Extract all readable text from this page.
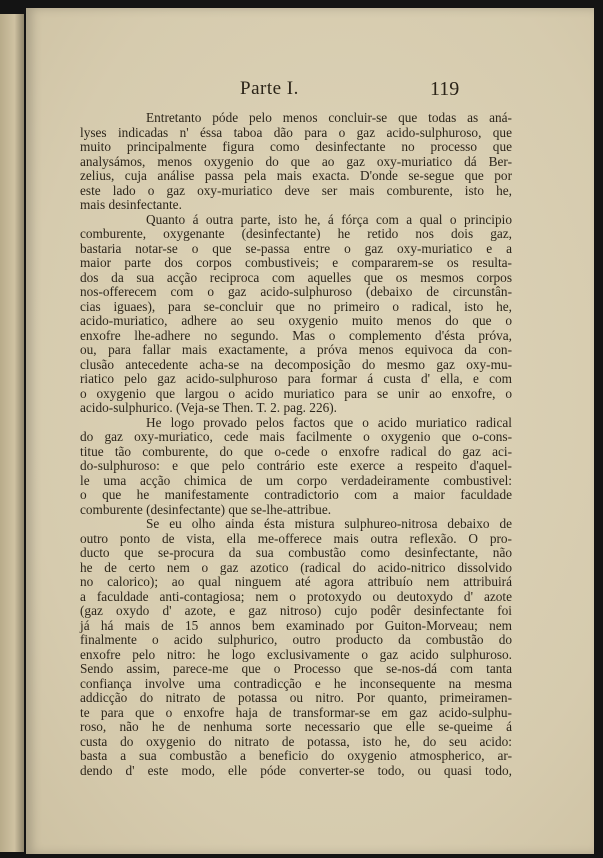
Parte I.	119
Entretanto póde pelo menos concluir-se que todas as aná-
lyses indicadas n' éssa taboa dão para o gaz acido-sulphuroso, que
muito principalmente figura como desinfectante no processo que
analysámos, menos oxygenio do que ao gaz oxy-muriatico dá Ber-
zelius, cuja análise passa pela mais exacta. D'onde se-segue que por
este lado o gaz oxy-muriatico deve ser mais comburente, isto he,
mais desinfectante.
Quanto á outra parte, isto he, á fórça com a qual o principio
comburente, oxygenante (desinfectante) he retido nos dois gaz,
bastaria notar-se o que se-passa entre o gaz oxy-muriatico e a
maior parte dos corpos combustiveis; e compararem-se os resulta-
dos da sua acção reciproca com aquelles que os mesmos corpos
nos-offerecem com o gaz acido-sulphuroso (debaixo de circunstân-
cias iguaes), para se-concluir que no primeiro o radical, isto he,
acido-muriatico, adhere ao seu oxygenio muito menos do que o
enxofre lhe-adhere no segundo. Mas o complemento d'ésta próva,
ou, para fallar mais exactamente, a próva menos equivoca da con-
clusão antecedente acha-se na decomposição do mesmo gaz oxy-mu-
riatico pelo gaz acido-sulphuroso para formar á custa d' ella, e com
o oxygenio que largou o acido muriatico para se unir ao enxofre, o
acido-sulphurico. (Veja-se Then. T. 2. pag. 226).
He logo provado pelos factos que o acido muriatico radical
do gaz oxy-muriatico, cede mais facilmente o oxygenio que o-cons-
titue tão comburente, do que o-cede o enxofre radical do gaz aci-
do-sulphuroso: e que pelo contrário este exerce a respeito d'aquel-
le uma acção chimica de um corpo verdadeiramente combustivel:
o que he manifestamente contradictorio com a maior faculdade
comburente (desinfectante) que se-lhe-attribue.
Se eu olho ainda ésta mistura sulphureo-nitrosa debaixo de
outro ponto de vista, ella me-offerece mais outra reflexão. O pro-
ducto que se-procura da sua combustão como desinfectante, não
he de certo nem o gaz azotico (radical do acido-nitrico dissolvido
no calorico); ao qual ninguem até agora attribuío nem attribuirá
a faculdade anti-contagiosa; nem o protoxydo ou deutoxydo d' azote
(gaz oxydo d' azote, e gaz nitroso) cujo podêr desinfectante foi
já há mais de 15 annos bem examinado por Guiton-Morveau; nem
finalmente o acido sulphurico, outro producto da combustão do
enxofre pelo nitro: he logo exclusivamente o gaz acido sulphuroso.
Sendo assim, parece-me que o Processo que se-nos-dá com tanta
confiança involve uma contradicção e he inconsequente na mesma
addicção do nitrato de potassa ou nitro. Por quanto, primeiramen-
te para que o enxofre haja de transformar-se em gaz acido-sulphu-
roso, não he de nenhuma sorte necessario que elle se-queime á
custa do oxygenio do nitrato de potassa, isto he, do seu acido:
basta a sua combustão a beneficio do oxygenio atmospherico, ar-
dendo d' este modo, elle póde converter-se todo, ou quasi todo,
